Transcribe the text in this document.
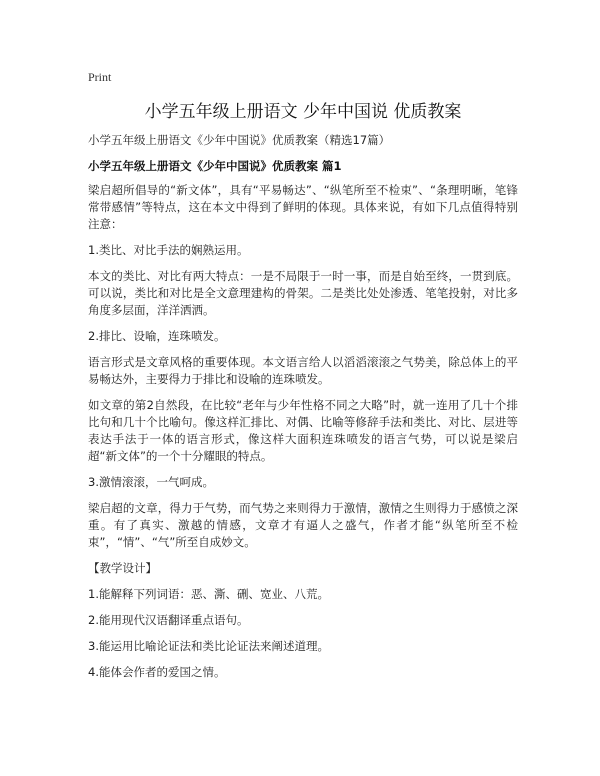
Print
小学五年级上册语文 少年中国说 优质教案
小学五年级上册语文《少年中国说》优质教案（精选17篇）
小学五年级上册语文《少年中国说》优质教案 篇1

梁启超所倡导的“新文体”，具有“平易畅达”、“纵笔所至不检束”、“条理明晰，笔锋常带感情”等特点，这在本文中得到了鲜明的体现。具体来说，有如下几点值得特别注意：

1.类比、对比手法的娴熟运用。

本文的类比、对比有两大特点：一是不局限于一时一事，而是自始至终，一贯到底。可以说，类比和对比是全文意理建构的骨架。二是类比处处渗透、笔笔投射，对比多角度多层面，洋洋洒洒。

2.排比、设喻，连珠喷发。

语言形式是文章风格的重要体现。本文语言给人以滔滔滚滚之气势美，除总体上的平易畅达外，主要得力于排比和设喻的连珠喷发。

如文章的第2自然段，在比较“老年与少年性格不同之大略”时，就一连用了几十个排比句和几十个比喻句。像这样汇排比、对偶、比喻等修辞手法和类比、对比、层进等表达手法于一体的语言形式，像这样大面积连珠喷发的语言气势，可以说是梁启超“新文体”的一个十分耀眼的特点。

3.激情滚滚，一气呵成。

梁启超的文章，得力于气势，而气势之来则得力于激情，激情之生则得力于感愤之深重。有了真实、激越的情感，文章才有逼人之盛气，作者才能“纵笔所至不检束”，“情”、“气”所至自成妙文。

【教学设计】

1.能解释下列词语：恶、澌、硎、宽业、八荒。

2.能用现代汉语翻译重点语句。

3.能运用比喻论证法和类比论证法来阐述道理。

4.能体会作者的爱国之情。
